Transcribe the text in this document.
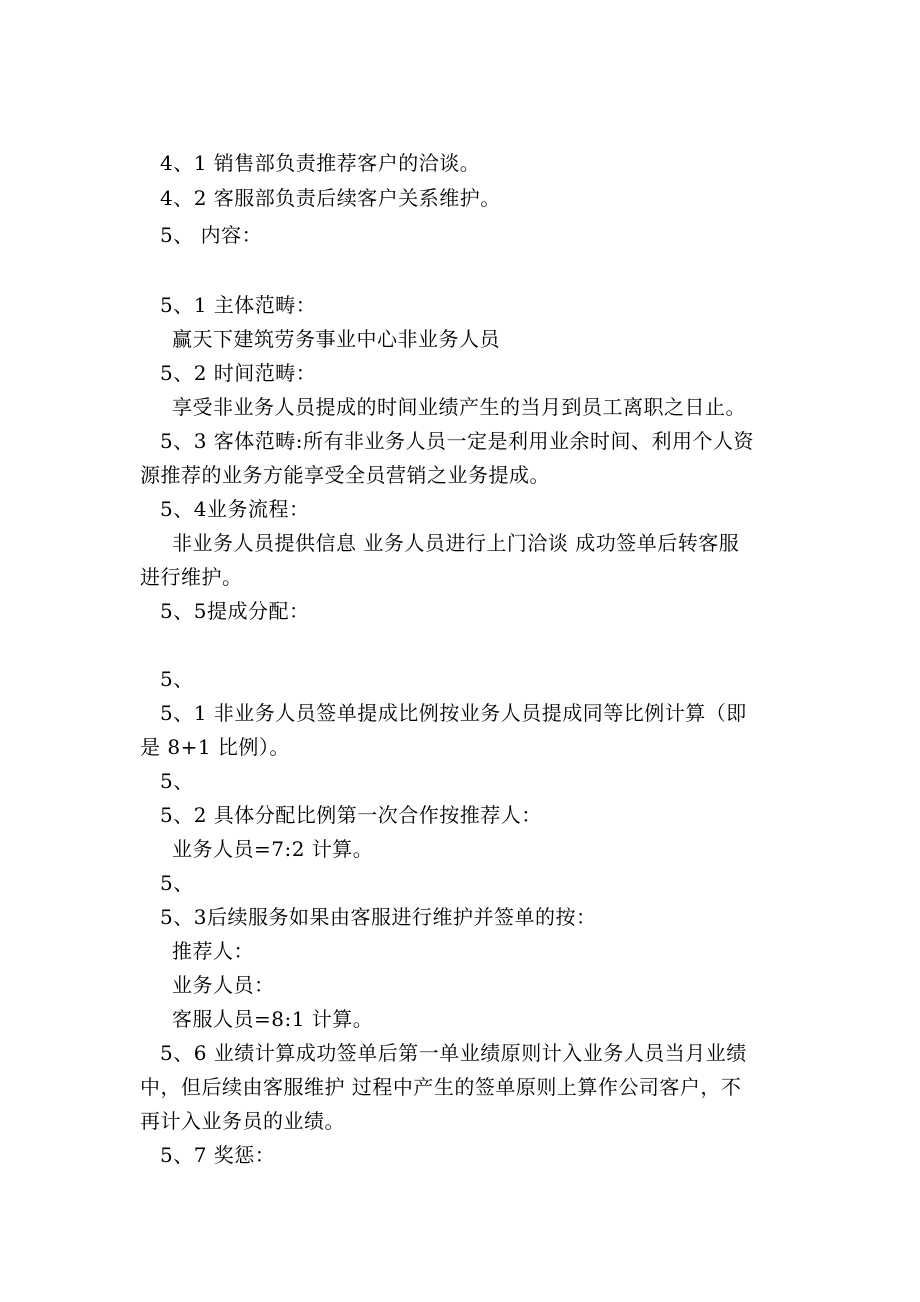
4、1 销售部负责推荐客户的洽谈。
4、2 客服部负责后续客户关系维护。
5、 内容：
5、1 主体范畴：
赢天下建筑劳务事业中心非业务人员
5、2 时间范畴：
享受非业务人员提成的时间业绩产生的当月到员工离职之日止。
5、3 客体范畴:所有非业务人员一定是利用业余时间、利用个人资
源推荐的业务方能享受全员营销之业务提成。
5、4业务流程：
非业务人员提供信息 业务人员进行上门洽谈 成功签单后转客服
进行维护。
5、5提成分配：
5、
5、1 非业务人员签单提成比例按业务人员提成同等比例计算（即
是 8+1 比例）。
5、
5、2 具体分配比例第一次合作按推荐人：
业务人员=7:2 计算。
5、
5、3后续服务如果由客服进行维护并签单的按：
推荐人：
业务人员：
客服人员=8:1 计算。
5、6 业绩计算成功签单后第一单业绩原则计入业务人员当月业绩
中，但后续由客服维护 过程中产生的签单原则上算作公司客户，不
再计入业务员的业绩。
5、7 奖惩：
